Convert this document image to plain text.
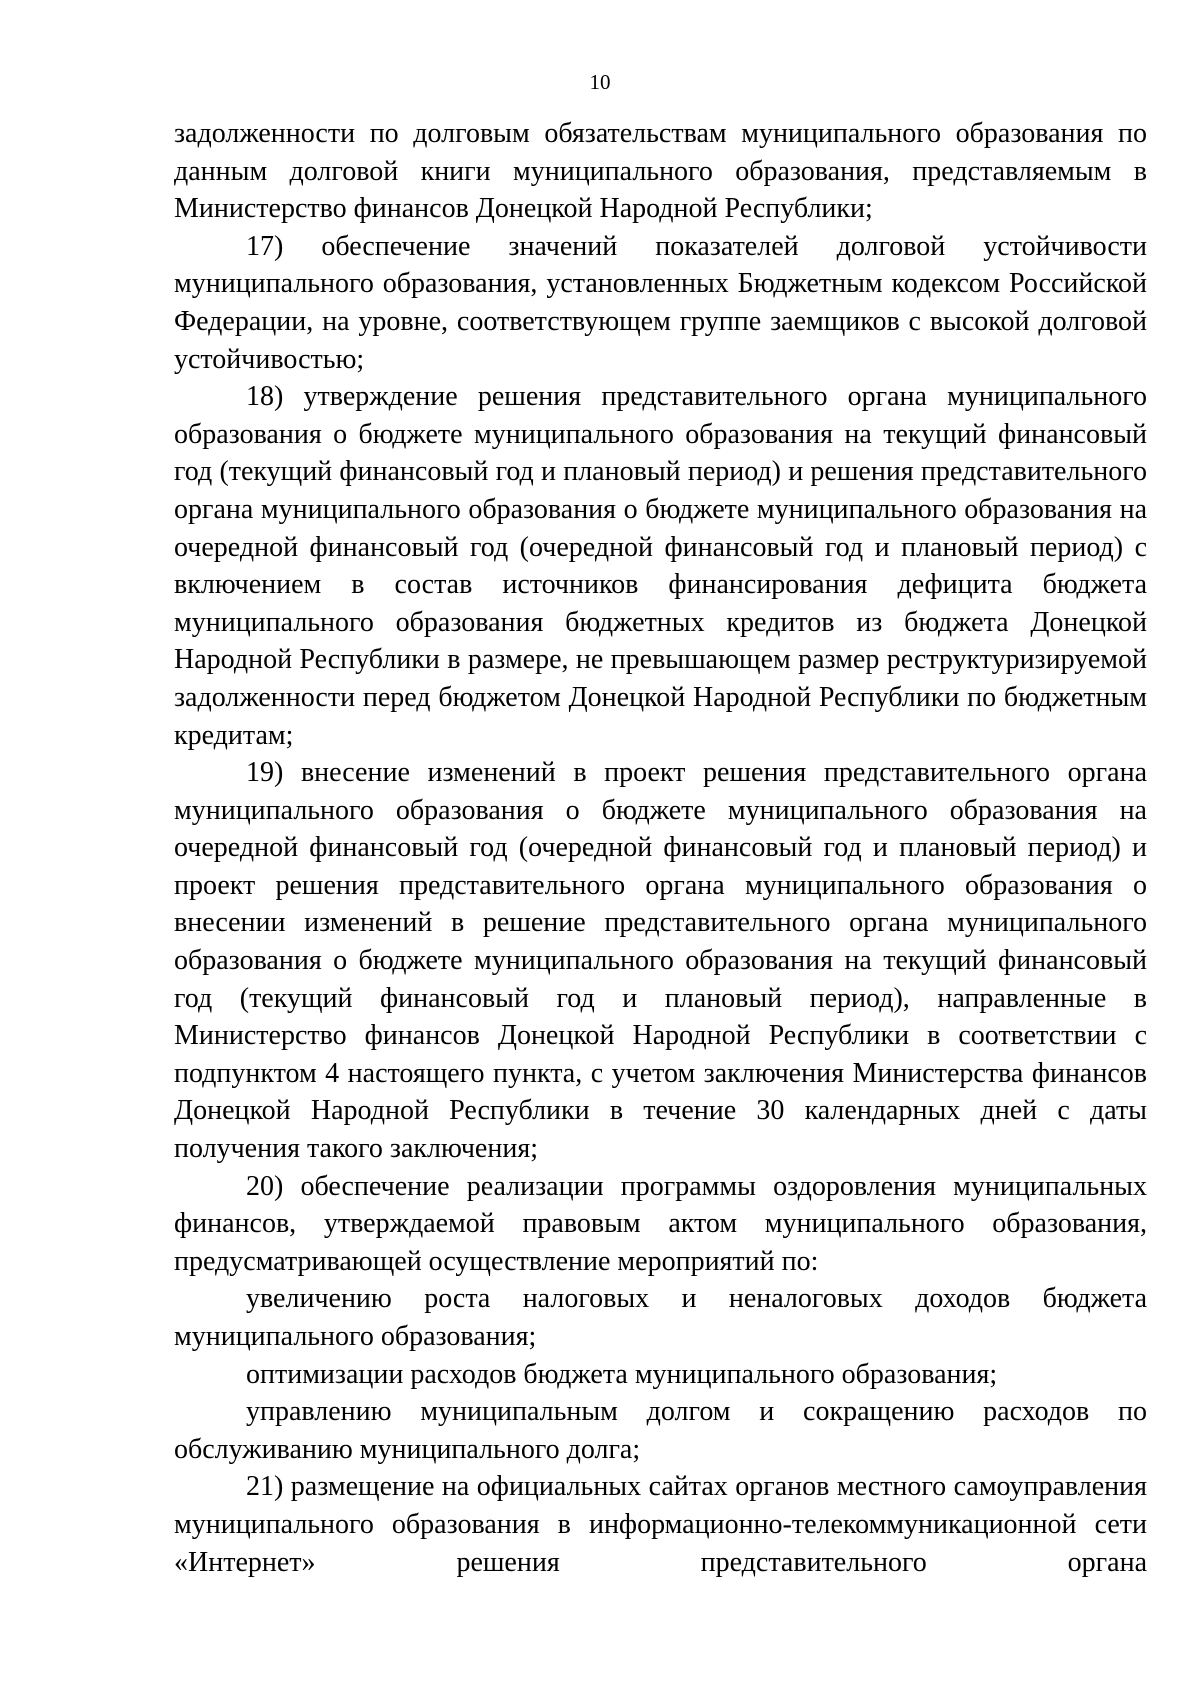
10

задолженности по долговым обязательствам муниципального образования по данным долговой книги муниципального образования, представляемым в Министерство финансов Донецкой Народной Республики;

17) обеспечение значений показателей долговой устойчивости муниципального образования, установленных Бюджетным кодексом Российской Федерации, на уровне, соответствующем группе заемщиков с высокой долговой устойчивостью;

18) утверждение решения представительного органа муниципального образования о бюджете муниципального образования на текущий финансовый год (текущий финансовый год и плановый период) и решения представительного органа муниципального образования о бюджете муниципального образования на очередной финансовый год (очередной финансовый год и плановый период) с включением в состав источников финансирования дефицита бюджета муниципального образования бюджетных кредитов из бюджета Донецкой Народной Республики в размере, не превышающем размер реструктуризируемой задолженности перед бюджетом Донецкой Народной Республики по бюджетным кредитам;

19) внесение изменений в проект решения представительного органа муниципального образования о бюджете муниципального образования на очередной финансовый год (очередной финансовый год и плановый период) и проект решения представительного органа муниципального образования о внесении изменений в решение представительного органа муниципального образования о бюджете муниципального образования на текущий финансовый год (текущий финансовый год и плановый период), направленные в Министерство финансов Донецкой Народной Республики в соответствии с подпунктом 4 настоящего пункта, с учетом заключения Министерства финансов Донецкой Народной Республики в течение 30 календарных дней с даты получения такого заключения;

20) обеспечение реализации программы оздоровления муниципальных финансов, утверждаемой правовым актом муниципального образования, предусматривающей осуществление мероприятий по:

увеличению роста налоговых и неналоговых доходов бюджета муниципального образования;

оптимизации расходов бюджета муниципального образования;

управлению муниципальным долгом и сокращению расходов по обслуживанию муниципального долга;

21) размещение на официальных сайтах органов местного самоуправления муниципального образования в информационно-телекоммуникационной сети «Интернет» решения представительного органа
